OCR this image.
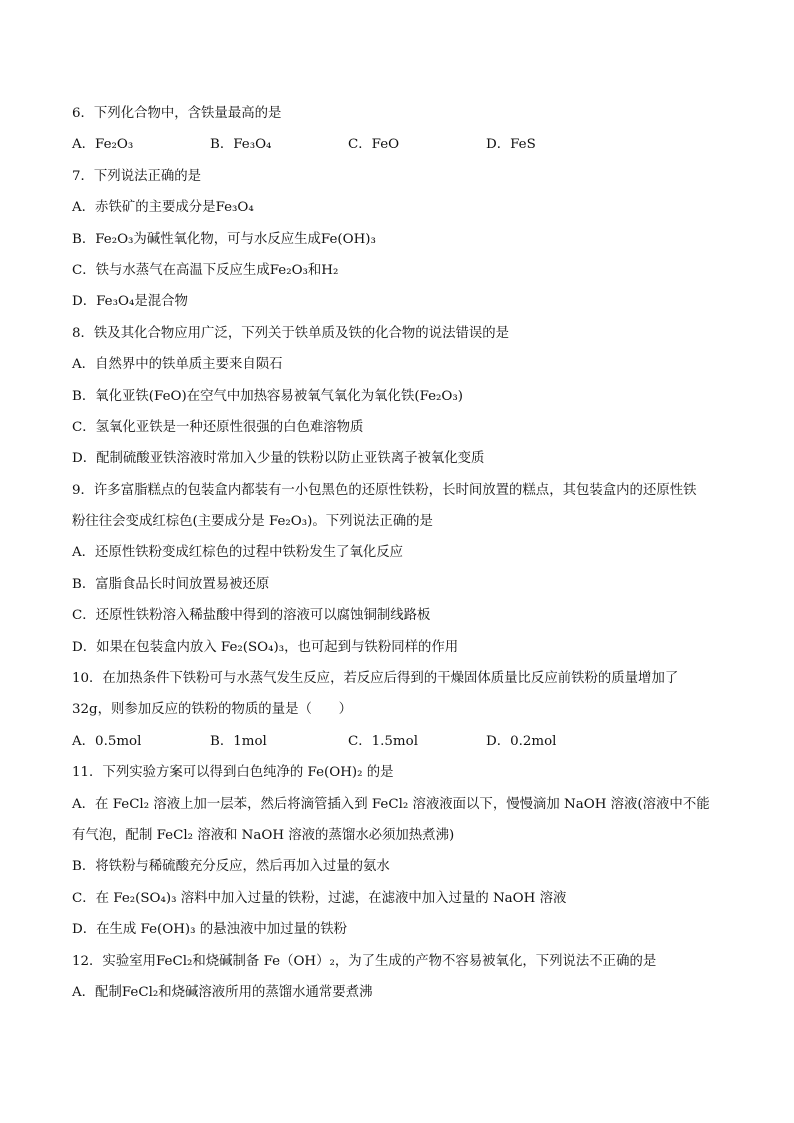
6．下列化合物中，含铁量最高的是
A．Fe₂O₃	B．Fe₃O₄	C．FeO	D．FeS
7．下列说法正确的是
A．赤铁矿的主要成分是Fe₃O₄
B．Fe₂O₃为碱性氧化物，可与水反应生成Fe(OH)₃
C．铁与水蒸气在高温下反应生成Fe₂O₃和H₂
D．Fe₃O₄是混合物
8．铁及其化合物应用广泛，下列关于铁单质及铁的化合物的说法错误的是
A．自然界中的铁单质主要来自陨石
B．氧化亚铁(FeO)在空气中加热容易被氧气氧化为氧化铁(Fe₂O₃)
C．氢氧化亚铁是一种还原性很强的白色难溶物质
D．配制硫酸亚铁溶液时常加入少量的铁粉以防止亚铁离子被氧化变质
9．许多富脂糕点的包装盒内都装有一小包黑色的还原性铁粉，长时间放置的糕点，其包装盒内的还原性铁
粉往往会变成红棕色(主要成分是 Fe₂O₃)。下列说法正确的是
A．还原性铁粉变成红棕色的过程中铁粉发生了氧化反应
B．富脂食品长时间放置易被还原
C．还原性铁粉溶入稀盐酸中得到的溶液可以腐蚀铜制线路板
D．如果在包装盒内放入 Fe₂(SO₄)₃，也可起到与铁粉同样的作用
10．在加热条件下铁粉可与水蒸气发生反应，若反应后得到的干燥固体质量比反应前铁粉的质量增加了
32g，则参加反应的铁粉的物质的量是（　　）
A．0.5mol	B．1mol	C．1.5mol	D．0.2mol
11．下列实验方案可以得到白色纯净的 Fe(OH)₂ 的是
A．在 FeCl₂ 溶液上加一层苯，然后将滴管插入到 FeCl₂ 溶液液面以下，慢慢滴加 NaOH 溶液(溶液中不能
有气泡，配制 FeCl₂ 溶液和 NaOH 溶液的蒸馏水必须加热煮沸)
B．将铁粉与稀硫酸充分反应，然后再加入过量的氨水
C．在 Fe₂(SO₄)₃ 溶料中加入过量的铁粉，过滤，在滤液中加入过量的 NaOH 溶液
D．在生成 Fe(OH)₃ 的悬浊液中加过量的铁粉
12．实验室用FeCl₂和烧碱制备 Fe（OH）₂，为了生成的产物不容易被氧化，下列说法不正确的是
A．配制FeCl₂和烧碱溶液所用的蒸馏水通常要煮沸
